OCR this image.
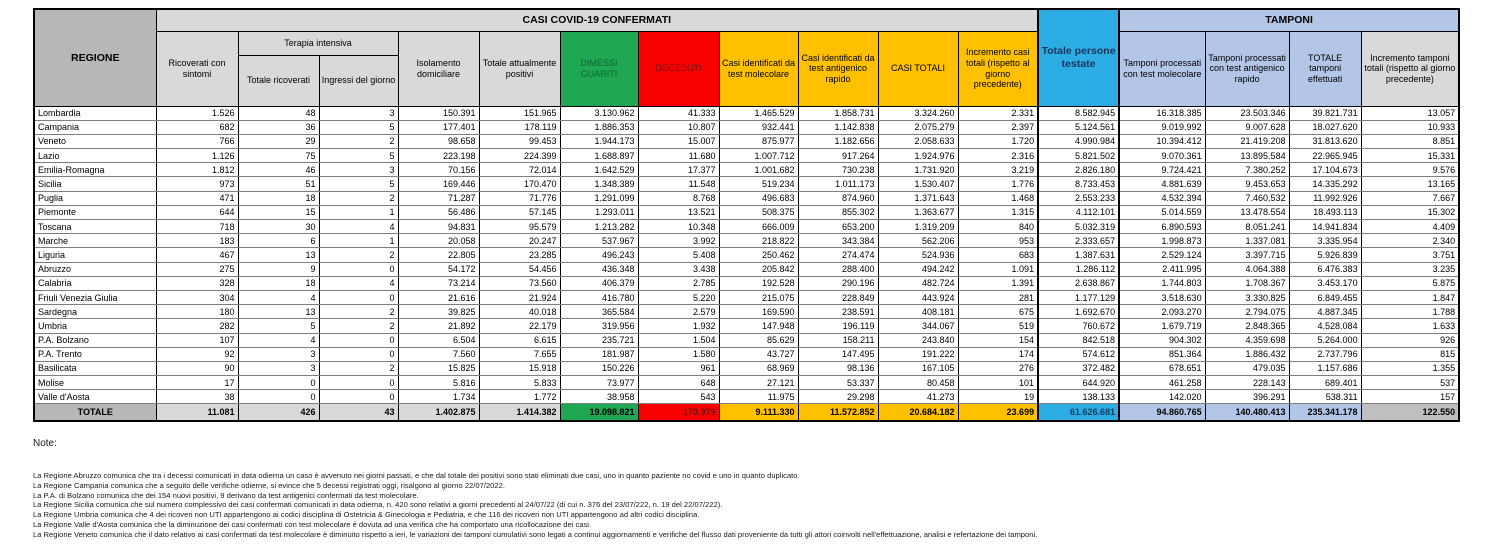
REGIONE	CASI COVID-19 CONFERMATI											Totale persone testate	TAMPONI			
	Ricoverati con sintomi	Terapia intensiva		Isolamento domiciliare	Totale attualmente positivi	DIMESSI GUARITI	DECEDUTI	Casi identificati da test molecolare	Casi identificati da test antigenico rapido	CASI TOTALI	Incremento casi totali (rispetto al giorno precedente)		Tamponi processati con test molecolare	Tamponi processati con test antigenico rapido	TOTALE tamponi effettuati	Incremento tamponi totali (rispetto al giorno precedente)
		Totale ricoverati	Ingressi del giorno													
Lombardia	1.526	48	3	150.391	151.965	3.130.962	41.333	1.465.529	1.858.731	3.324.260	2.331	8.582.945	16.318.385	23.503.346	39.821.731	13.057
Campania	682	36	5	177.401	178.119	1.886.353	10.807	932.441	1.142.838	2.075.279	2.397	5.124.561	9.019.992	9.007.628	18.027.620	10.933
Veneto	766	29	2	98.658	99.453	1.944.173	15.007	875.977	1.182.656	2.058.633	1.720	4.990.984	10.394.412	21.419.208	31.813.620	8.851
Lazio	1.126	75	5	223.198	224.399	1.688.897	11.680	1.007.712	917.264	1.924.976	2.316	5.821.502	9.070.361	13.895.584	22.965.945	15.331
Emilia-Romagna	1.812	46	3	70.156	72.014	1.642.529	17.377	1.001.682	730.238	1.731.920	3.219	2.826.180	9.724.421	7.380.252	17.104.673	9.576
Sicilia	973	51	5	169.446	170.470	1.348.389	11.548	519.234	1.011.173	1.530.407	1.776	8.733.453	4.881.639	9.453.653	14.335.292	13.165
Puglia	471	18	2	71.287	71.776	1.291.099	8.768	496.683	874.960	1.371.643	1.468	2.553.233	4.532.394	7.460.532	11.992.926	7.667
Piemonte	644	15	1	56.486	57.145	1.293.011	13.521	508.375	855.302	1.363.677	1.315	4.112.101	5.014.559	13.478.554	18.493.113	15.302
Toscana	718	30	4	94.831	95.579	1.213.282	10.348	666.009	653.200	1.319.209	840	5.032.319	6.890.593	8.051.241	14.941.834	4.409
Marche	183	6	1	20.058	20.247	537.967	3.992	218.822	343.384	562.206	953	2.333.657	1.998.873	1.337.081	3.335.954	2.340
Liguria	467	13	2	22.805	23.285	496.243	5.408	250.462	274.474	524.936	683	1.387.631	2.529.124	3.397.715	5.926.839	3.751
Abruzzo	275	9	0	54.172	54.456	436.348	3.438	205.842	288.400	494.242	1.091	1.286.112	2.411.995	4.064.388	6.476.383	3.235
Calabria	328	18	4	73.214	73.560	406.379	2.785	192.528	290.196	482.724	1.391	2.638.867	1.744.803	1.708.367	3.453.170	5.875
Friuli Venezia Giulia	304	4	0	21.616	21.924	416.780	5.220	215.075	228.849	443.924	281	1.177.129	3.518.630	3.330.825	6.849.455	1.847
Sardegna	180	13	2	39.825	40.018	365.584	2.579	169.590	238.591	408.181	675	1.692.670	2.093.270	2.794.075	4.887.345	1.788
Umbria	282	5	2	21.892	22.179	319.956	1.932	147.948	196.119	344.067	519	760.672	1.679.719	2.848.365	4.528.084	1.633
P.A. Bolzano	107	4	0	6.504	6.615	235.721	1.504	85.629	158.211	243.840	154	842.518	904.302	4.359.698	5.264.000	926
P.A. Trento	92	3	0	7.560	7.655	181.987	1.580	43.727	147.495	191.222	174	574.612	851.364	1.886.432	2.737.796	815
Basilicata	90	3	2	15.825	15.918	150.226	961	68.969	98.136	167.105	276	372.482	678.651	479.035	1.157.686	1.355
Molise	17	0	0	5.816	5.833	73.977	648	27.121	53.337	80.458	101	644.920	461.258	228.143	689.401	537
Valle d'Aosta	38	0	0	1.734	1.772	38.958	543	11.975	29.298	41.273	19	138.133	142.020	396.291	538.311	157
TOTALE	11.081	426	43	1.402.875	1.414.382	19.098.821	170.979	9.111.330	11.572.852	20.684.182	23.699	61.626.681	94.860.765	140.480.413	235.341.178	122.550
Note:
La Regione Abruzzo comunica che tra i decessi comunicati in data odierna un caso è avvenuto nei giorni passati, e che dal totale dei positivi sono stati eliminati due casi, uno in quanto paziente no covid e uno in quanto duplicato.
La Regione Campania comunica che a seguito delle verifiche odierne, si evince che 5 decessi registrati oggi, risalgono al giorno 22/07/2022.
La P.A. di Bolzano comunica che dei 154 nuovi positivi, 9 derivano da test antigenici confermati da test molecolare.
La Regione Sicilia comunica che sul numero complessivo dei casi confermati comunicati in data odierna, n. 420 sono relativi a giorni precedenti al 24/07/22 (di cui n. 376 del 23/07/222, n. 19 del 22/07/222).
La Regione Umbria comunica che 4 dei ricoveri non UTI appartengono ai codici disciplina di Ostetricia & Ginecologia e Pediatria, e che 116 dei ricoveri non UTI appartengono ad altri codici disciplina.
La Regione Valle d'Aosta comunica che la diminuzione dei casi confermati con test molecolare è dovuta ad una verifica che ha comportato una ricollocazione dei casi.
La Regione Veneto comunica che il dato relativo ai casi confermati da test molecolare è diminuito rispetto a ieri, le variazioni dei tamponi cumulativi sono legati a continui aggiornamenti e verifiche del flusso dati proveniente da tutti gli attori coinvolti nell'effettuazione, analisi e refertazione dei tamponi.
